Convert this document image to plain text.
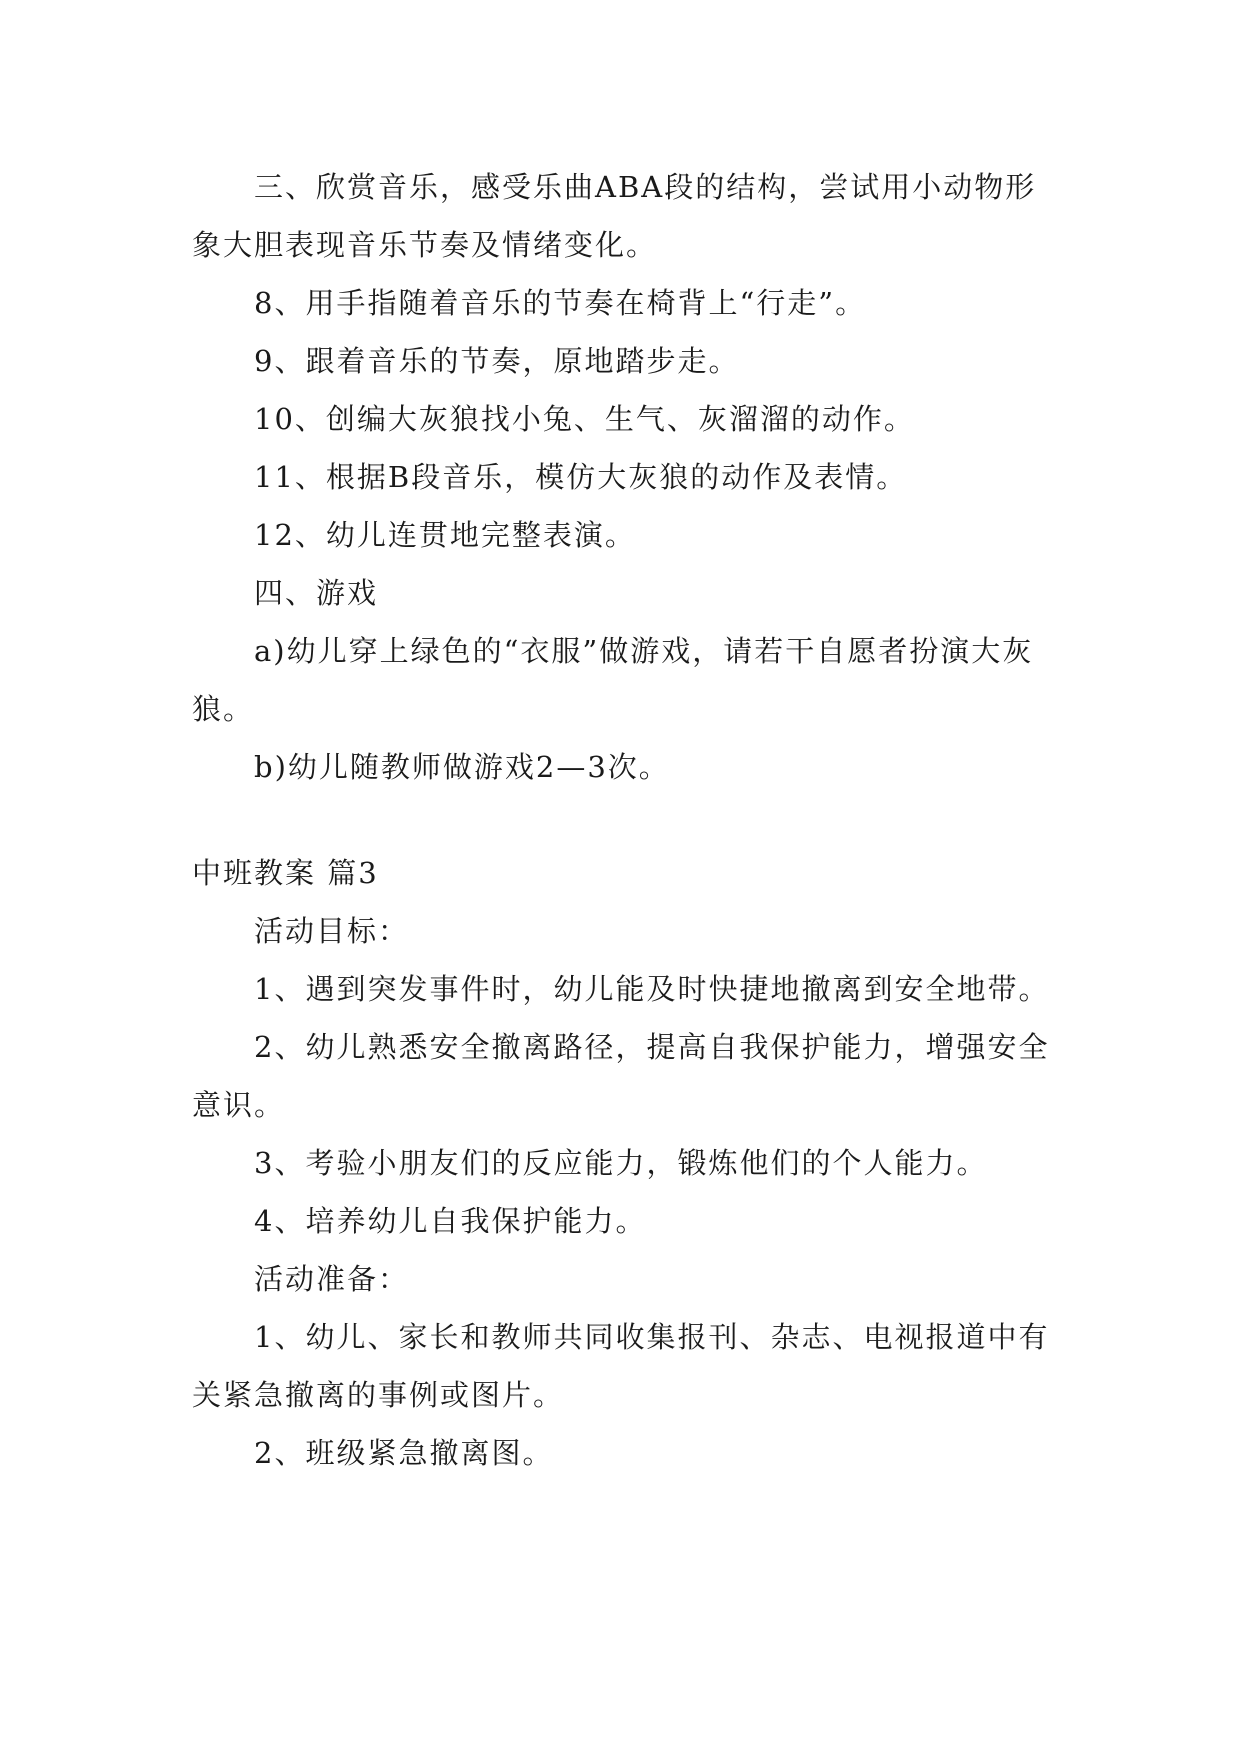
三、欣赏音乐，感受乐曲ABA段的结构，尝试用小动物形象大胆表现音乐节奏及情绪变化。

8、用手指随着音乐的节奏在椅背上“行走”。

9、跟着音乐的节奏，原地踏步走。

10、创编大灰狼找小兔、生气、灰溜溜的动作。

11、根据B段音乐，模仿大灰狼的动作及表情。

12、幼儿连贯地完整表演。

四、游戏

a)幼儿穿上绿色的“衣服”做游戏，请若干自愿者扮演大灰狼。

b)幼儿随教师做游戏2—3次。

中班教案 篇3

活动目标：

1、遇到突发事件时，幼儿能及时快捷地撤离到安全地带。

2、幼儿熟悉安全撤离路径，提高自我保护能力，增强安全意识。

3、考验小朋友们的反应能力，锻炼他们的个人能力。

4、培养幼儿自我保护能力。

活动准备：

1、幼儿、家长和教师共同收集报刊、杂志、电视报道中有关紧急撤离的事例或图片。

2、班级紧急撤离图。
